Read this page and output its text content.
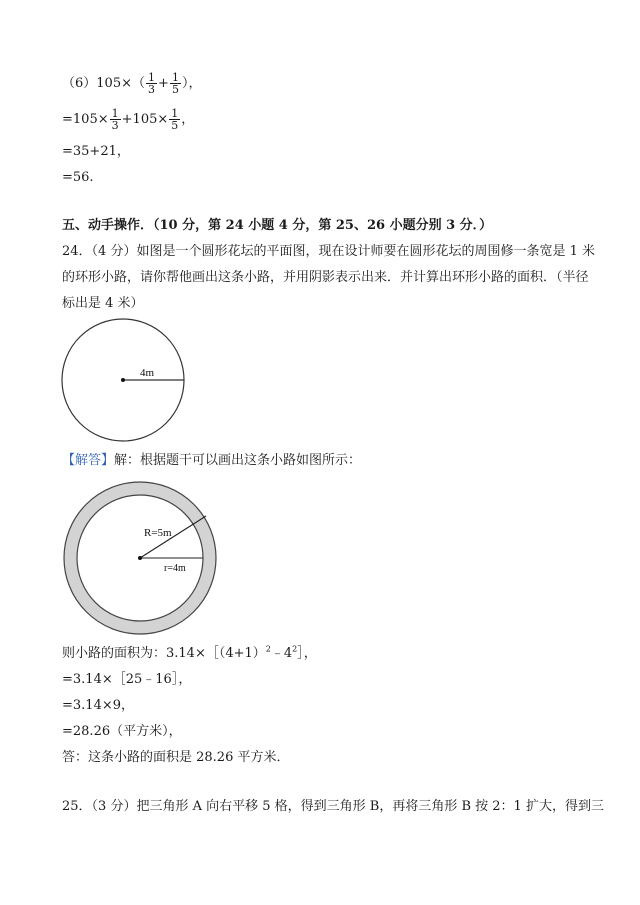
$(6)105\times( \frac{1}{3} + \frac{1}{5}$ ），
$=105\times \frac{1}{3} +105\times \frac{1}{5}$ ，
=35+21，
=56.
五、动手操作．（10 分，第 24 小题 4 分，第 25、26 小题分别 3 分．）
24．（4 分）如图是一个圆形花坛的平面图，现在设计师要在圆形花坛的周围修一条宽是 1 米
的环形小路，请你帮他画出这条小路，并用阴影表示出来．并计算出环形小路的面积．（半径
标出是 4 米）
4m
【解答】解：根据题干可以画出这条小路如图所示：
R=5m
r=4m
则小路的面积为：$3.14\times[(4+1)^2﹣4^2]$，
=3.14×［25﹣16］，
=3.14×9，
=28.26（平方米），
答：这条小路的面积是 28.26 平方米．
25．（3 分）把三角形 A 向右平移 5 格，得到三角形 B，再将三角形 B 按 2：1 扩大，得到三
